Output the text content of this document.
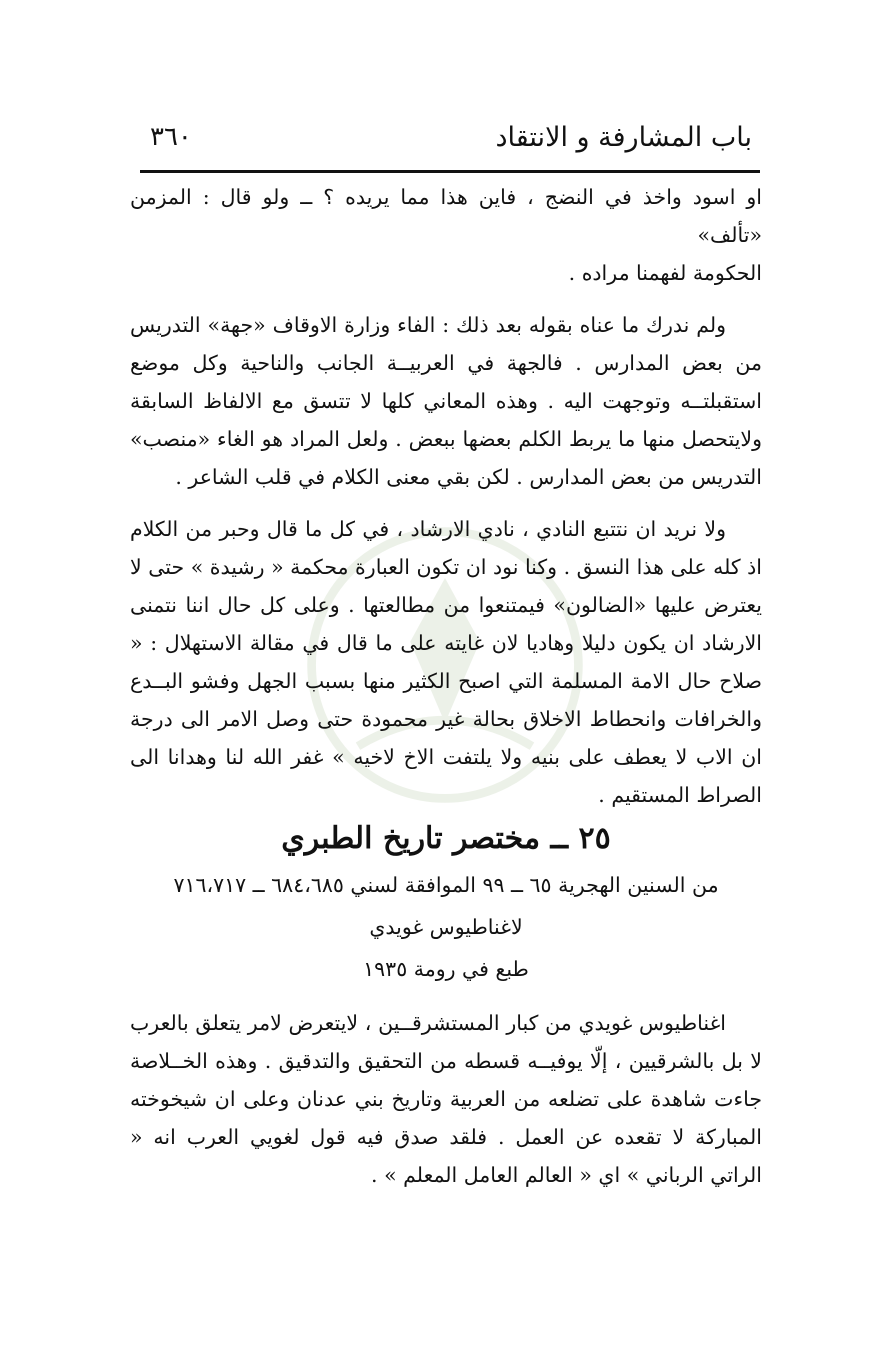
باب المشارفة و الانتقاد
٣٦٠

او اسود واخذ في النضج ، فاين هذا مما يريده ؟ ــ ولو قال : المزمن «تألف»
الحكومة لفهمنا مراده .

ولم ندرك ما عناه بقوله بعد ذلك : الفاء وزارة الاوقاف «جهة» التدريس من بعض المدارس . فالجهة في العربيــة الجانب والناحية وكل موضع استقبلتــه وتوجهت اليه . وهذه المعاني كلها لا تتسق مع الالفاظ السابقة ولايتحصل منها ما يربط الكلم بعضها ببعض . ولعل المراد هو الغاء «منصب» التدريس من بعض المدارس . لكن بقي معنى الكلام في قلب الشاعر .

ولا نريد ان نتتبع النادي ، نادي الارشاد ، في كل ما قال وحبر من الكلام اذ كله على هذا النسق . وكنا نود ان تكون العبارة محكمة « رشيدة » حتى لا يعترض عليها «الضالون» فيمتنعوا من مطالعتها . وعلى كل حال اننا نتمنى الارشاد ان يكون دليلا وهاديا لان غايته على ما قال في مقالة الاستهلال : « صلاح حال الامة المسلمة التي اصبح الكثير منها بسبب الجهل وفشو البــدع والخرافات وانحطاط الاخلاق بحالة غير محمودة حتى وصل الامر الى درجة ان الاب لا يعطف على بنيه ولا يلتفت الاخ لاخيه » غفر الله لنا وهدانا الى الصراط المستقيم .

٢٥ ــ مختصر تاريخ الطبري

من السنين الهجرية ٦٥ ــ ٩٩ الموافقة لسني ٦٨٤،٦٨٥ ــ ٧١٦،٧١٧

لاغناطيوس غويدي

طبع في رومة ١٩٣٥

اغناطيوس غويدي من كبار المستشرقــين ، لايتعرض لامر يتعلق بالعرب لا بل بالشرقيين ، إلّا يوفيــه قسطه من التحقيق والتدقيق . وهذه الخــلاصة جاءت شاهدة على تضلعه من العربية وتاريخ بني عدنان وعلى ان شيخوخته المباركة لا تقعده عن العمل . فلقد صدق فيه قول لغويي العرب انه « الراتي الرباني » اي « العالم العامل المعلم » .
